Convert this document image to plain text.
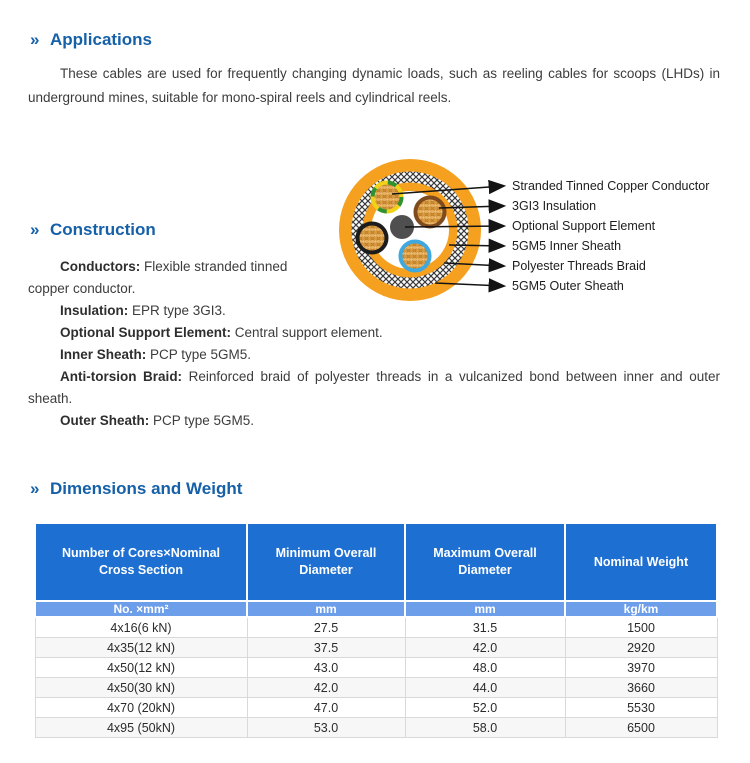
» Applications
These cables are used for frequently changing dynamic loads, such as reeling cables for scoops (LHDs) in underground mines, suitable for mono-spiral reels and cylindrical reels.
Stranded Tinned Copper Conductor
3GI3 Insulation
Optional Support Element
5GM5 Inner Sheath
Polyester Threads Braid
5GM5 Outer Sheath
» Construction
Conductors: Flexible stranded tinned
copper conductor.
Insulation: EPR type 3GI3.
Optional Support Element: Central support element.
Inner Sheath: PCP type 5GM5.
Anti-torsion Braid: Reinforced braid of polyester threads in a vulcanized bond between inner and outer sheath.
Outer Sheath: PCP type 5GM5.
» Dimensions and Weight
Number of Cores×Nominal Cross Section	Minimum Overall Diameter	Maximum Overall Diameter	Nominal Weight
No. ×mm²	mm	mm	kg/km
4x16(6 kN)	27.5	31.5	1500
4x35(12 kN)	37.5	42.0	2920
4x50(12 kN)	43.0	48.0	3970
4x50(30 kN)	42.0	44.0	3660
4x70 (20kN)	47.0	52.0	5530
4x95 (50kN)	53.0	58.0	6500
